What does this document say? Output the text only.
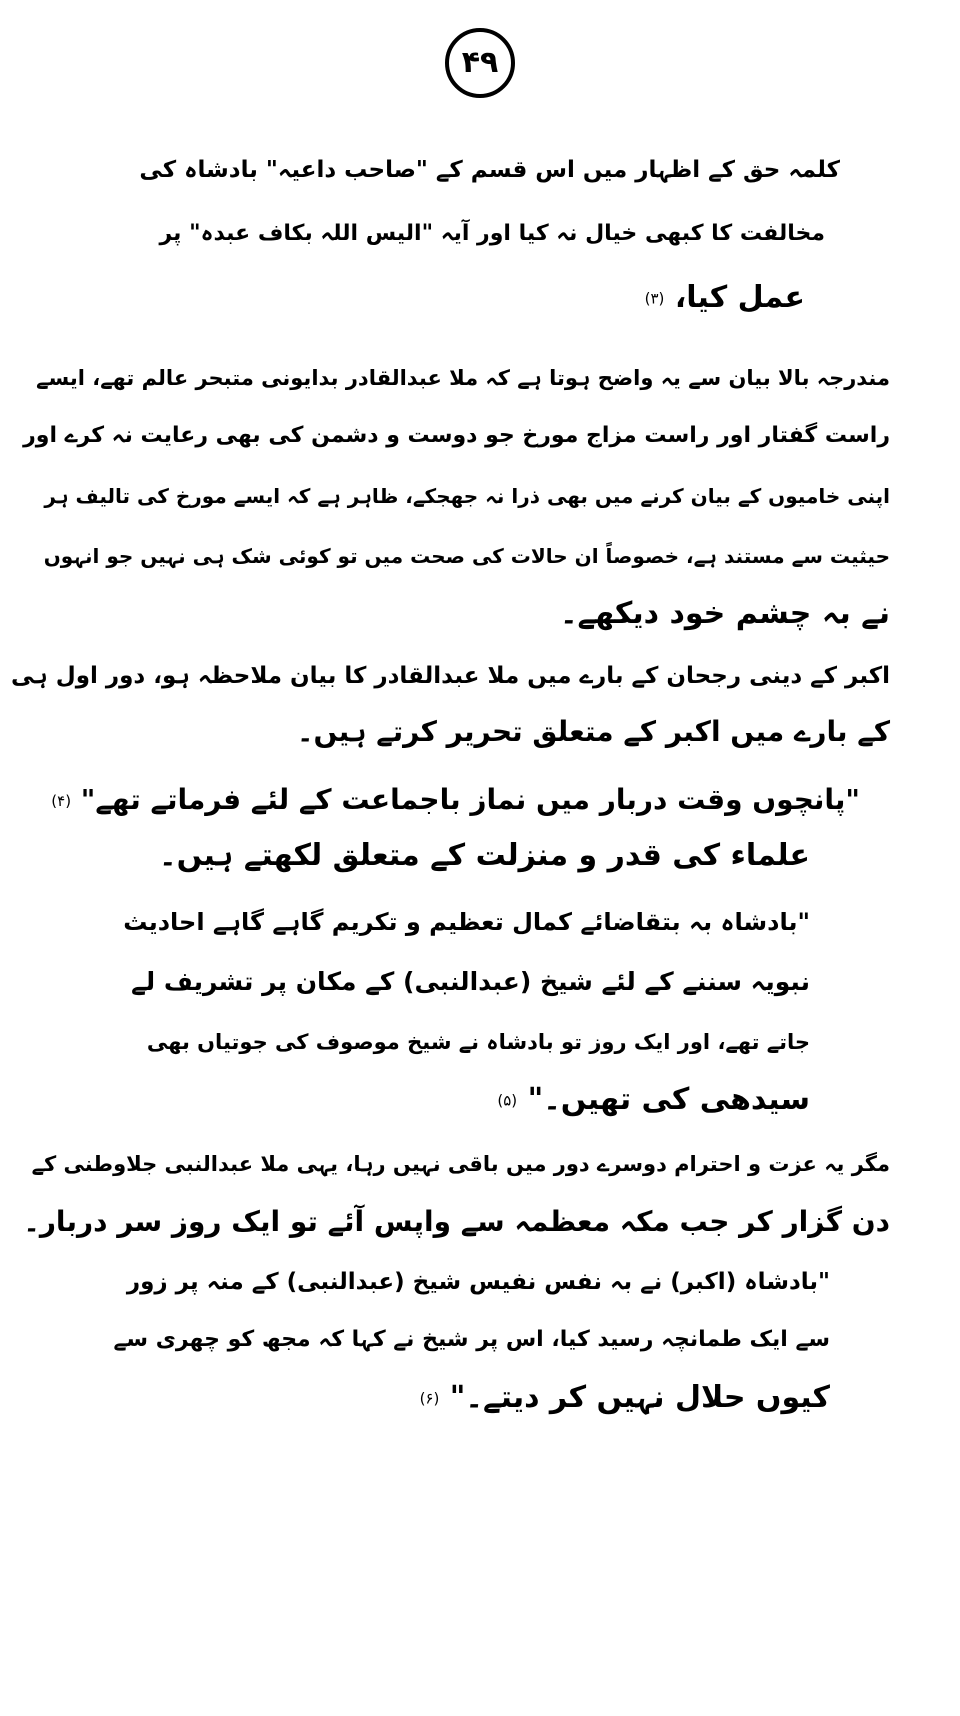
۴۹
کلمہ حق کے اظہار میں اس قسم کے "صاحب داعیہ" بادشاہ کی
مخالفت کا کبھی خیال نہ کیا اور آیہ "الیس اللہ بکاف عبدہ" پر
عمل کیا، (۳)
مندرجہ بالا بیان سے یہ واضح ہوتا ہے کہ ملا عبدالقادر بدایونی متبحر عالم تھے، ایسے
راست گفتار اور راست مزاج مورخ جو دوست و دشمن کی بھی رعایت نہ کرے اور
اپنی خامیوں کے بیان کرنے میں بھی ذرا نہ جھجکے، ظاہر ہے کہ ایسے مورخ کی تالیف ہر
حیثیت سے مستند ہے، خصوصاً ان حالات کی صحت میں تو کوئی شک ہی نہیں جو انہوں
نے بہ چشم خود دیکھے۔
اکبر کے دینی رجحان کے بارے میں ملا عبدالقادر کا بیان ملاحظہ ہو، دور اول ہی
کے بارے میں اکبر کے متعلق تحریر کرتے ہیں۔
"پانچوں وقت دربار میں نماز باجماعت کے لئے فرماتے تھے" (۴)
علماء کی قدر و منزلت کے متعلق لکھتے ہیں۔
"بادشاہ بہ بتقاضائے کمال تعظیم و تکریم گاہے گاہے احادیث
نبویہ سننے کے لئے شیخ (عبدالنبی) کے مکان پر تشریف لے
جاتے تھے، اور ایک روز تو بادشاہ نے شیخ موصوف کی جوتیاں بھی
سیدھی کی تھیں۔" (۵)
مگر یہ عزت و احترام دوسرے دور میں باقی نہیں رہا، یہی ملا عبدالنبی جلاوطنی کے
دن گزار کر جب مکہ معظمہ سے واپس آئے تو ایک روز سر دربار۔
"بادشاہ (اکبر) نے بہ نفس نفیس شیخ (عبدالنبی) کے منہ پر زور
سے ایک طمانچہ رسید کیا، اس پر شیخ نے کہا کہ مجھ کو چھری سے
کیوں حلال نہیں کر دیتے۔" (۶)
